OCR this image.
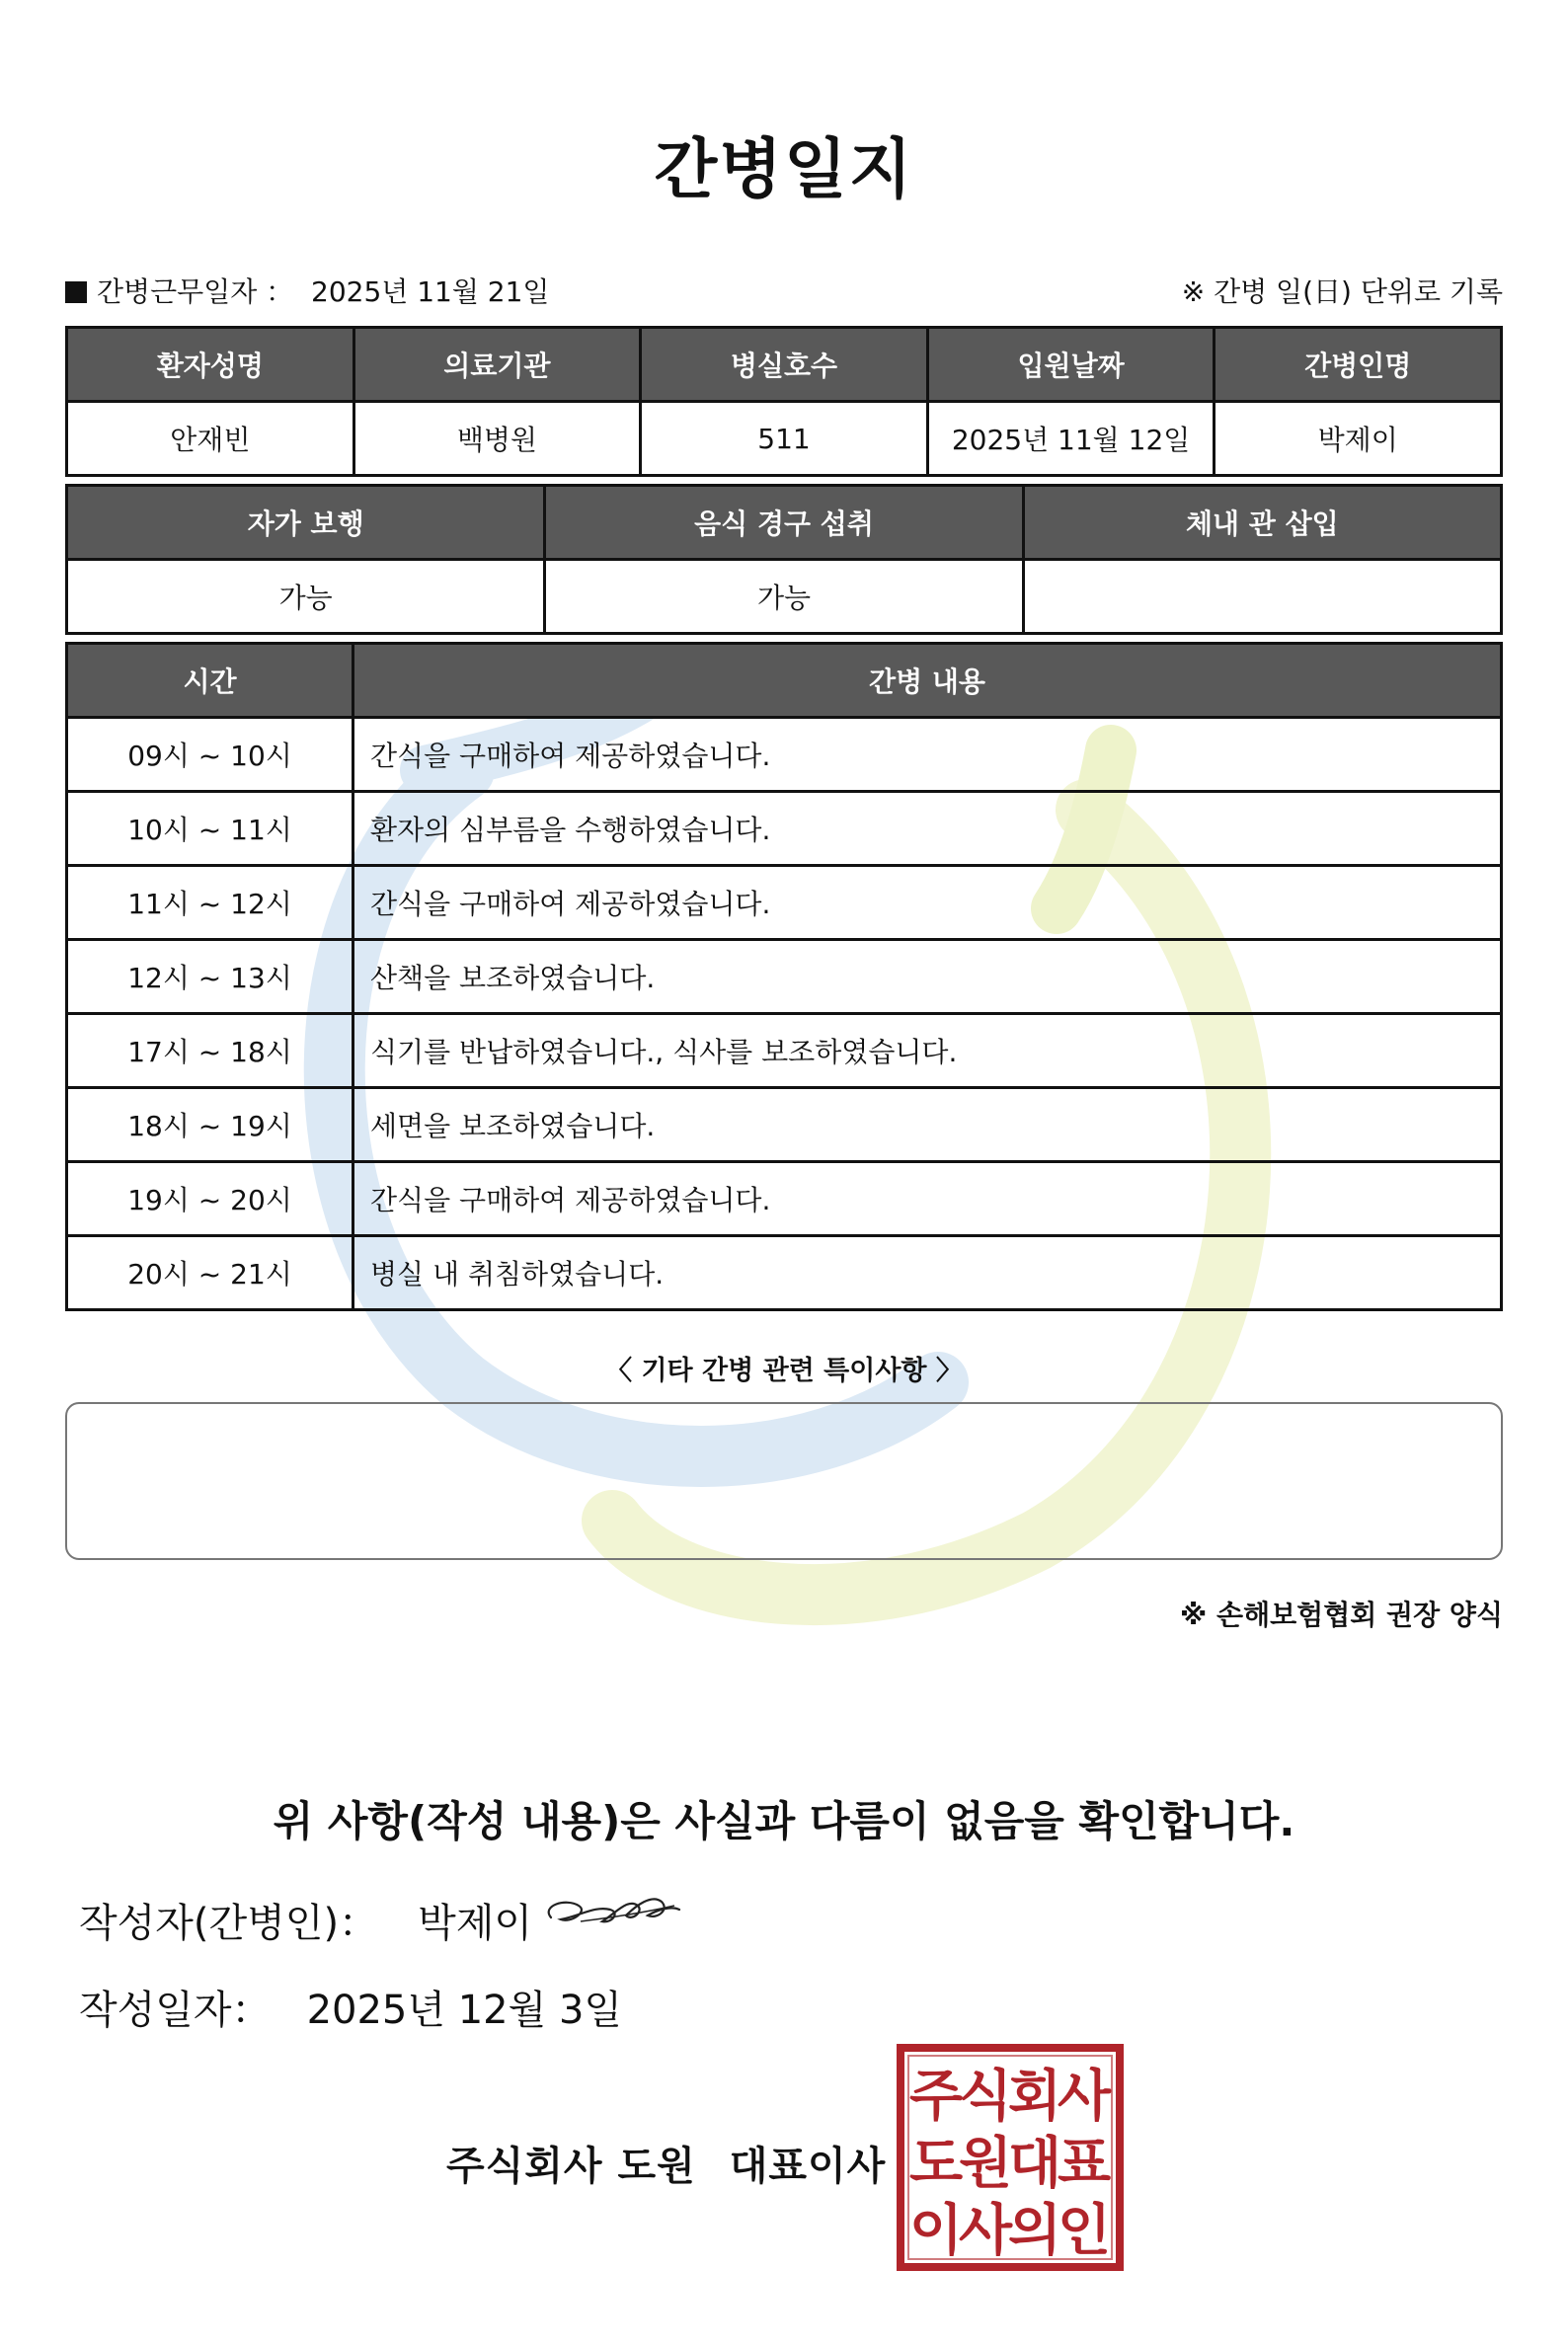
간병일지
간병근무일자 ： 2025년 11월 21일	※ 간병 일(日) 단위로 기록
환자성명	의료기관	병실호수	입원날짜	간병인명
안재빈	백병원	511	2025년 11월 12일	박제이
자가 보행	음식 경구 섭취	체내 관 삽입
가능	가능	
시간	간병 내용
09시 ~ 10시	간식을 구매하여 제공하였습니다.
10시 ~ 11시	환자의 심부름을 수행하였습니다.
11시 ~ 12시	간식을 구매하여 제공하였습니다.
12시 ~ 13시	산책을 보조하였습니다.
17시 ~ 18시	식기를 반납하였습니다., 식사를 보조하였습니다.
18시 ~ 19시	세면을 보조하였습니다.
19시 ~ 20시	간식을 구매하여 제공하였습니다.
20시 ~ 21시	병실 내 취침하였습니다.
〈 기타 간병 관련 특이사항 〉
※ 손해보험협회 권장 양식
위 사항(작성 내용)은 사실과 다름이 없음을 확인합니다.
작성자(간병인)： 박제이
작성일자： 2025년 12월 3일
주식회사 도원 대표이사
주
식
회
사
도
원
대
표
이
사
의
인
